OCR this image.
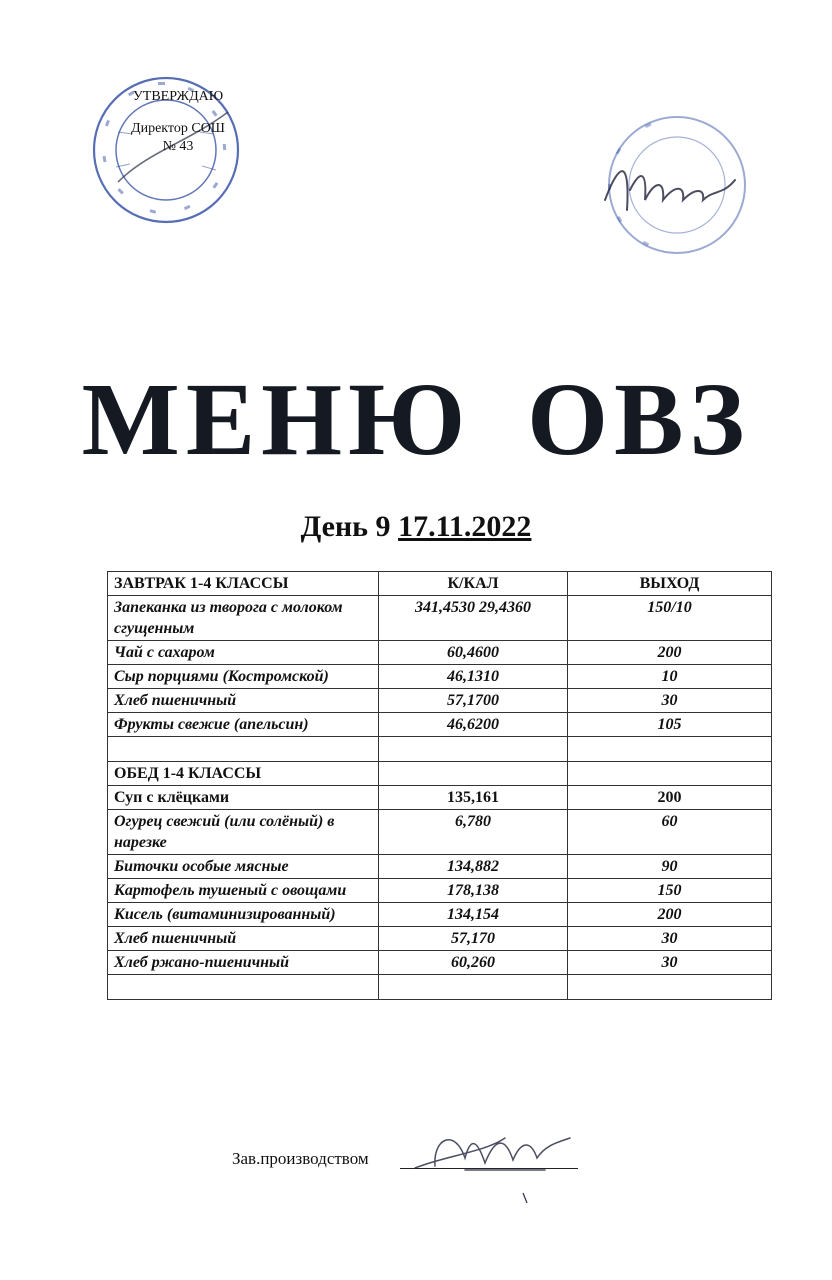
УТВЕРЖДАЮ
Директор СОШ
№ 43
МЕНЮ ОВЗ
День 9 17.11.2022
ЗАВТРАК 1-4 КЛАССЫ	К/КАЛ	ВЫХОД
Запеканка из творога с молоком сгущенным	341,4530 29,4360	150/10
Чай с сахаром	60,4600	200
Сыр порциями (Костромской)	46,1310	10
Хлеб пшеничный	57,1700	30
Фрукты свежие (апельсин)	46,6200	105

ОБЕД 1-4 КЛАССЫ		
Суп с клёцками	135,161	200
Огурец свежий (или солёный) в нарезке	6,780	60
Биточки особые мясные	134,882	90
Картофель тушеный с овощами	178,138	150
Кисель (витаминизированный)	134,154	200
Хлеб пшеничный	57,170	30
Хлеб ржано-пшеничный	60,260	30

Зав.производством
